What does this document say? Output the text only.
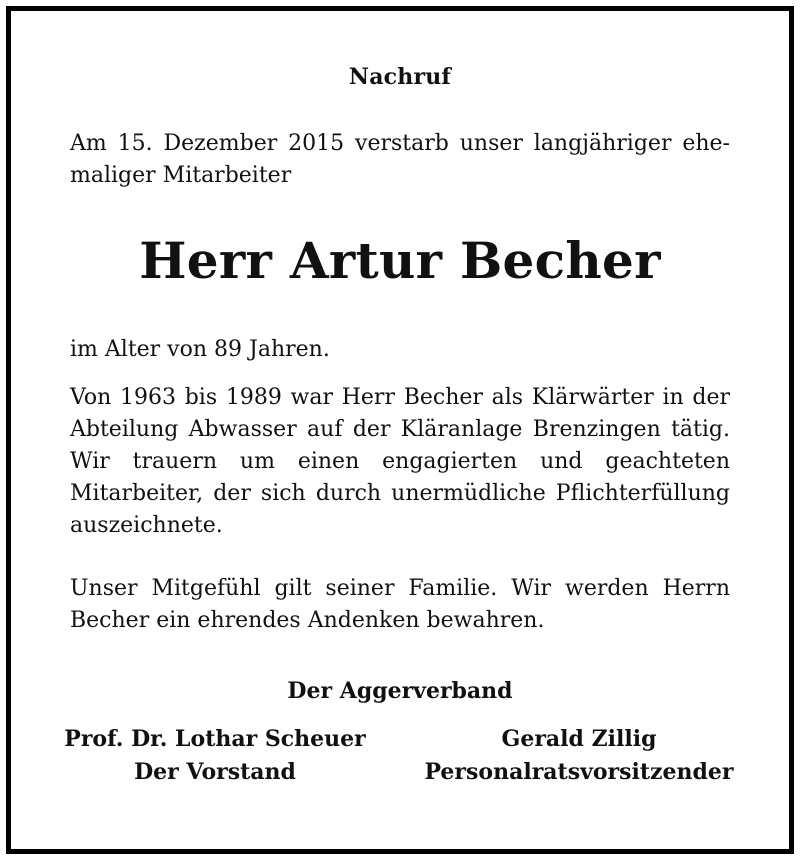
Nachruf

Am 15. Dezember 2015 verstarb unser langjähriger ehe-maliger Mitarbeiter

Herr Artur Becher

im Alter von 89 Jahren.

Von 1963 bis 1989 war Herr Becher als Klärwärter in der Abteilung Abwasser auf der Kläranlage Brenzingen tätig. Wir trauern um einen engagierten und geachteten Mitarbeiter, der sich durch unermüdliche Pflichterfüllung auszeichnete.

Unser Mitgefühl gilt seiner Familie. Wir werden Herrn Becher ein ehrendes Andenken bewahren.

Der Aggerverband
Prof. Dr. Lothar Scheuer
Der Vorstand
Gerald Zillig
Personalratsvorsitzender
